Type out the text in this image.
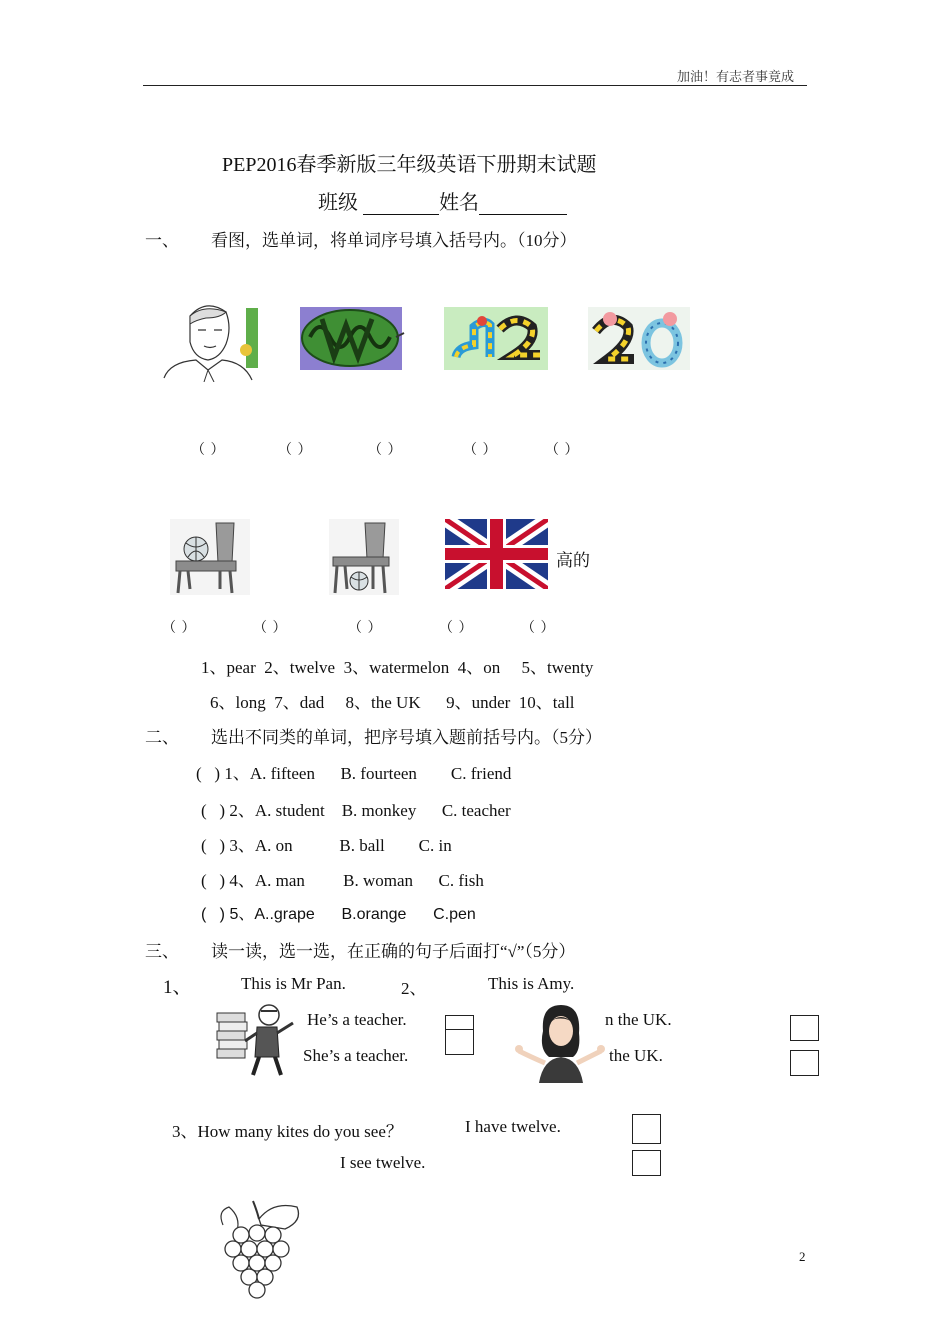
加油！有志者事竟成
PEP2016春季新版三年级英语下册期末试题
班级	姓名
一、 看图，选单词，将单词序号填入括号内。（10分）
（ ）	（ ）	（ ）	（ ）	（ ）
高的
（ ）	（ ）	（ ）	（ ）	（ ）
1、pear  2、twelve  3、watermelon  4、on     5、twenty
6、long  7、dad     8、the UK      9、under  10、tall
二、 选出不同类的单词，把序号填入题前括号内。（5分）
(   ) 1、A. fifteen      B. fourteen        C. friend
(   ) 2、A. student    B. monkey      C. teacher
(   ) 3、A. on           B. ball        C. in
(   ) 4、A. man         B. woman      C. fish
(   ) 5、A..grape      B.orange      C.pen
三、 读一读，选一选，在正确的句子后面打“√”（5分）
1、	This is Mr Pan.
He’s a teacher.
She’s a teacher.
2、	This is Amy.
n the UK.
the UK.
3、How many kites do you see？	I have twelve.
I see twelve.
2
